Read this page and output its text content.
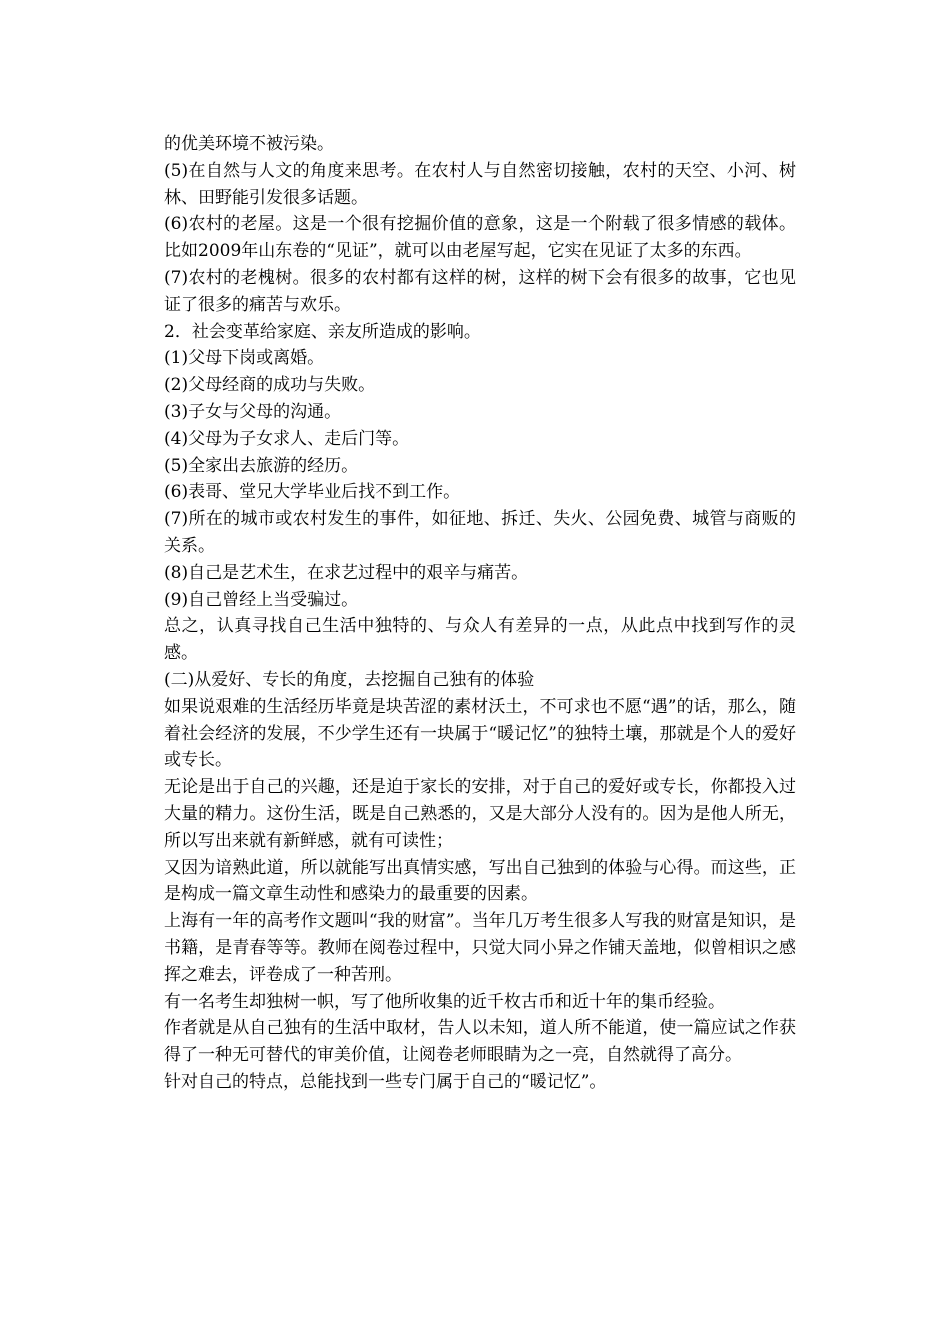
的优美环境不被污染。

(5)在自然与人文的角度来思考。在农村人与自然密切接触，农村的天空、小河、树林、田野能引发很多话题。

(6)农村的老屋。这是一个很有挖掘价值的意象，这是一个附载了很多情感的载体。比如2009年山东卷的“见证”，就可以由老屋写起，它实在见证了太多的东西。

(7)农村的老槐树。很多的农村都有这样的树，这样的树下会有很多的故事，它也见证了很多的痛苦与欢乐。

2．社会变革给家庭、亲友所造成的影响。

(1)父母下岗或离婚。

(2)父母经商的成功与失败。

(3)子女与父母的沟通。

(4)父母为子女求人、走后门等。

(5)全家出去旅游的经历。

(6)表哥、堂兄大学毕业后找不到工作。

(7)所在的城市或农村发生的事件，如征地、拆迁、失火、公园免费、城管与商贩的关系。

(8)自己是艺术生，在求艺过程中的艰辛与痛苦。

(9)自己曾经上当受骗过。

总之，认真寻找自己生活中独特的、与众人有差异的一点，从此点中找到写作的灵感。

(二)从爱好、专长的角度，去挖掘自己独有的体验

如果说艰难的生活经历毕竟是块苦涩的素材沃土，不可求也不愿“遇”的话，那么，随着社会经济的发展，不少学生还有一块属于“暖记忆”的独特土壤，那就是个人的爱好或专长。

无论是出于自己的兴趣，还是迫于家长的安排，对于自己的爱好或专长，你都投入过大量的精力。这份生活，既是自己熟悉的，又是大部分人没有的。因为是他人所无，所以写出来就有新鲜感，就有可读性；

又因为谙熟此道，所以就能写出真情实感，写出自己独到的体验与心得。而这些，正是构成一篇文章生动性和感染力的最重要的因素。

上海有一年的高考作文题叫“我的财富”。当年几万考生很多人写我的财富是知识，是书籍，是青春等等。教师在阅卷过程中，只觉大同小异之作铺天盖地，似曾相识之感挥之难去，评卷成了一种苦刑。

有一名考生却独树一帜，写了他所收集的近千枚古币和近十年的集币经验。

作者就是从自己独有的生活中取材，告人以未知，道人所不能道，使一篇应试之作获得了一种无可替代的审美价值，让阅卷老师眼睛为之一亮，自然就得了高分。

针对自己的特点，总能找到一些专门属于自己的“暖记忆”。
